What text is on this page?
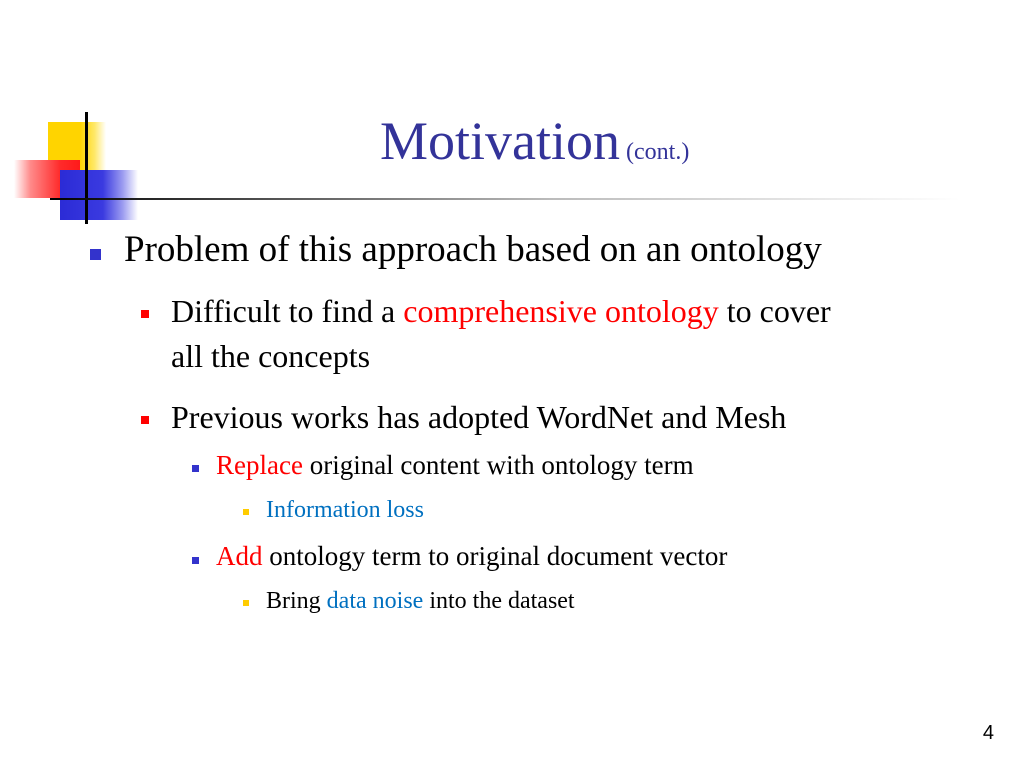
Motivation (cont.)
Problem of this approach based on an ontology
Difficult to find a comprehensive ontology to cover
all the concepts
Previous works has adopted WordNet and Mesh
Replace original content with ontology term
Information loss
Add ontology term to original document vector
Bring data noise into the dataset
4
